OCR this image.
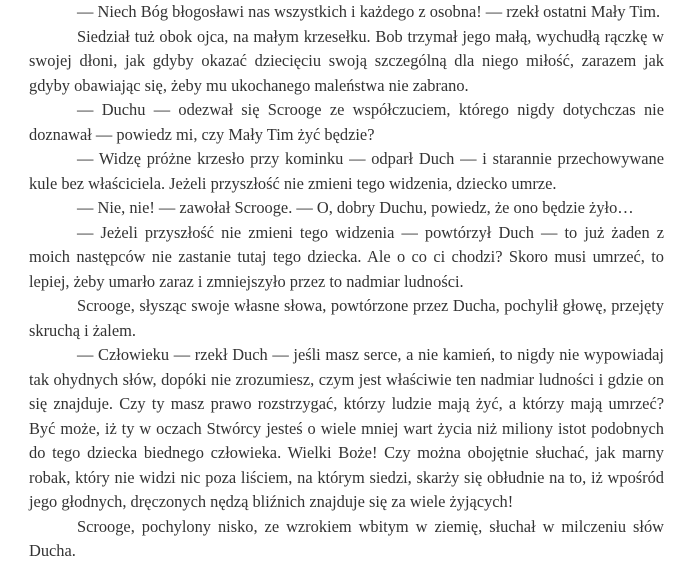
— Niech Bóg błogosławi nas wszystkich i każdego z osobna! — rzekł ostatni Mały Tim.

Siedział tuż obok ojca, na małym krzesełku. Bob trzymał jego małą, wychudłą rączkę w swojej dłoni, jak gdyby okazać dziecięciu swoją szczególną dla niego miłość, zarazem jak gdyby obawiając się, żeby mu ukochanego maleństwa nie zabrano.

— Duchu — odezwał się Scrooge ze współczuciem, którego nigdy dotychczas nie doznawał — powiedz mi, czy Mały Tim żyć będzie?

— Widzę próżne krzesło przy kominku — odparł Duch — i starannie przechowywane kule bez właściciela. Jeżeli przyszłość nie zmieni tego widzenia, dziecko umrze.

— Nie, nie! — zawołał Scrooge. — O, dobry Duchu, powiedz, że ono będzie żyło…

— Jeżeli przyszłość nie zmieni tego widzenia — powtórzył Duch — to już żaden z moich następców nie zastanie tutaj tego dziecka. Ale o co ci chodzi? Skoro musi umrzeć, to lepiej, żeby umarło zaraz i zmniejszyło przez to nadmiar ludności.

Scrooge, słysząc swoje własne słowa, powtórzone przez Ducha, pochylił głowę, przejęty skruchą i żalem.

— Człowieku — rzekł Duch — jeśli masz serce, a nie kamień, to nigdy nie wypowiadaj tak ohydnych słów, dopóki nie zrozumiesz, czym jest właściwie ten nadmiar ludności i gdzie on się znajduje. Czy ty masz prawo rozstrzygać, którzy ludzie mają żyć, a którzy mają umrzeć? Być może, iż ty w oczach Stwórcy jesteś o wiele mniej wart życia niż miliony istot podobnych do tego dziecka biednego człowieka. Wielki Boże! Czy można obojętnie słuchać, jak marny robak, który nie widzi nic poza liściem, na którym siedzi, skarży się obłudnie na to, iż wpośród jego głodnych, dręczonych nędzą bliźnich znajduje się za wiele żyjących!

Scrooge, pochylony nisko, ze wzrokiem wbitym w ziemię, słuchał w milczeniu słów Ducha.
